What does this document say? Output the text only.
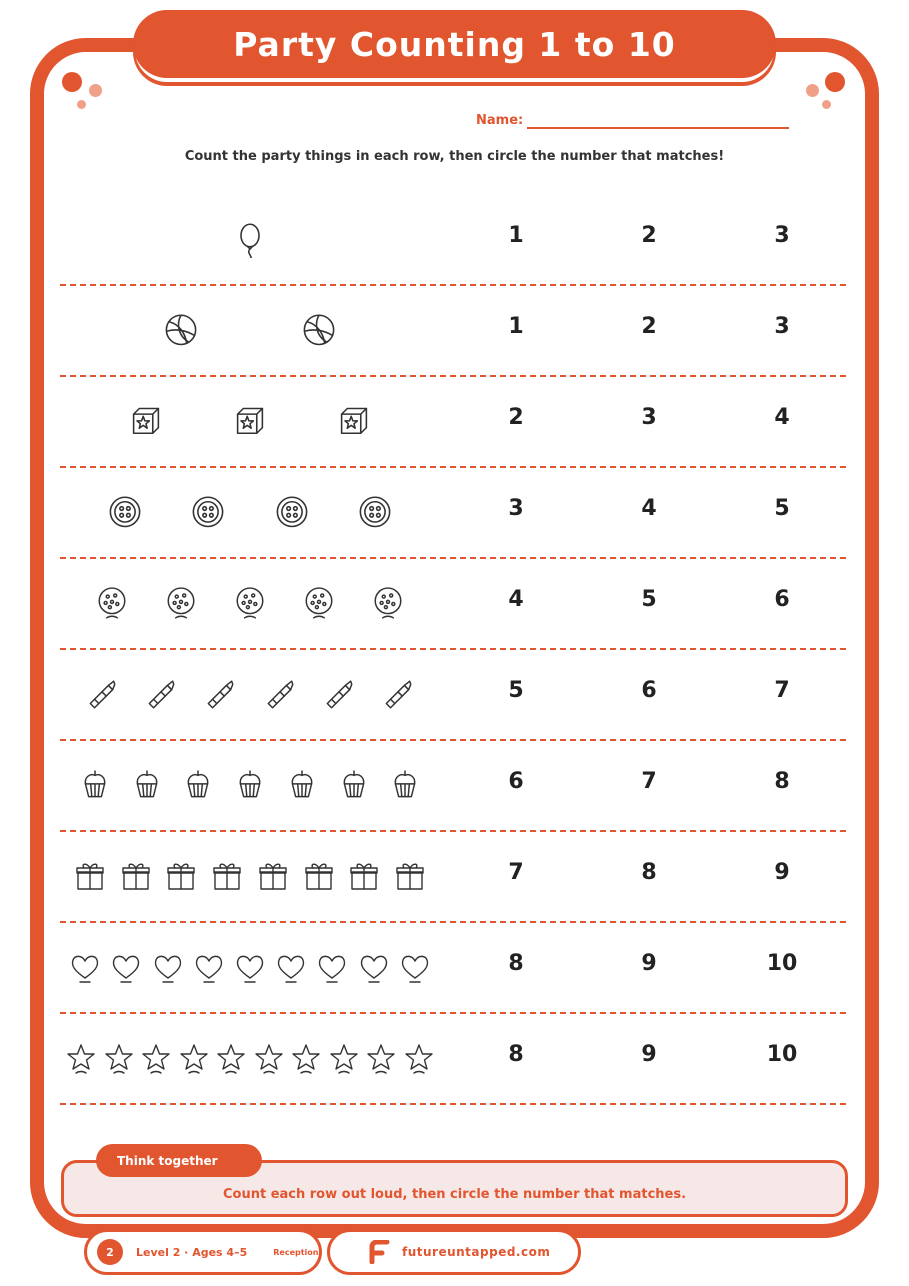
Party Counting 1 to 10
Name:
Count the party things in each row, then circle the number that matches!
1	2	3
1	2	3
2	3	4
3	4	5
4	5	6
5	6	7
6	7	8
7	8	9
8	9	10
8	9	10
Think together
Count each row out loud, then circle the number that matches.
2	Level 2 · Ages 4–5	Reception	futureuntapped.com
